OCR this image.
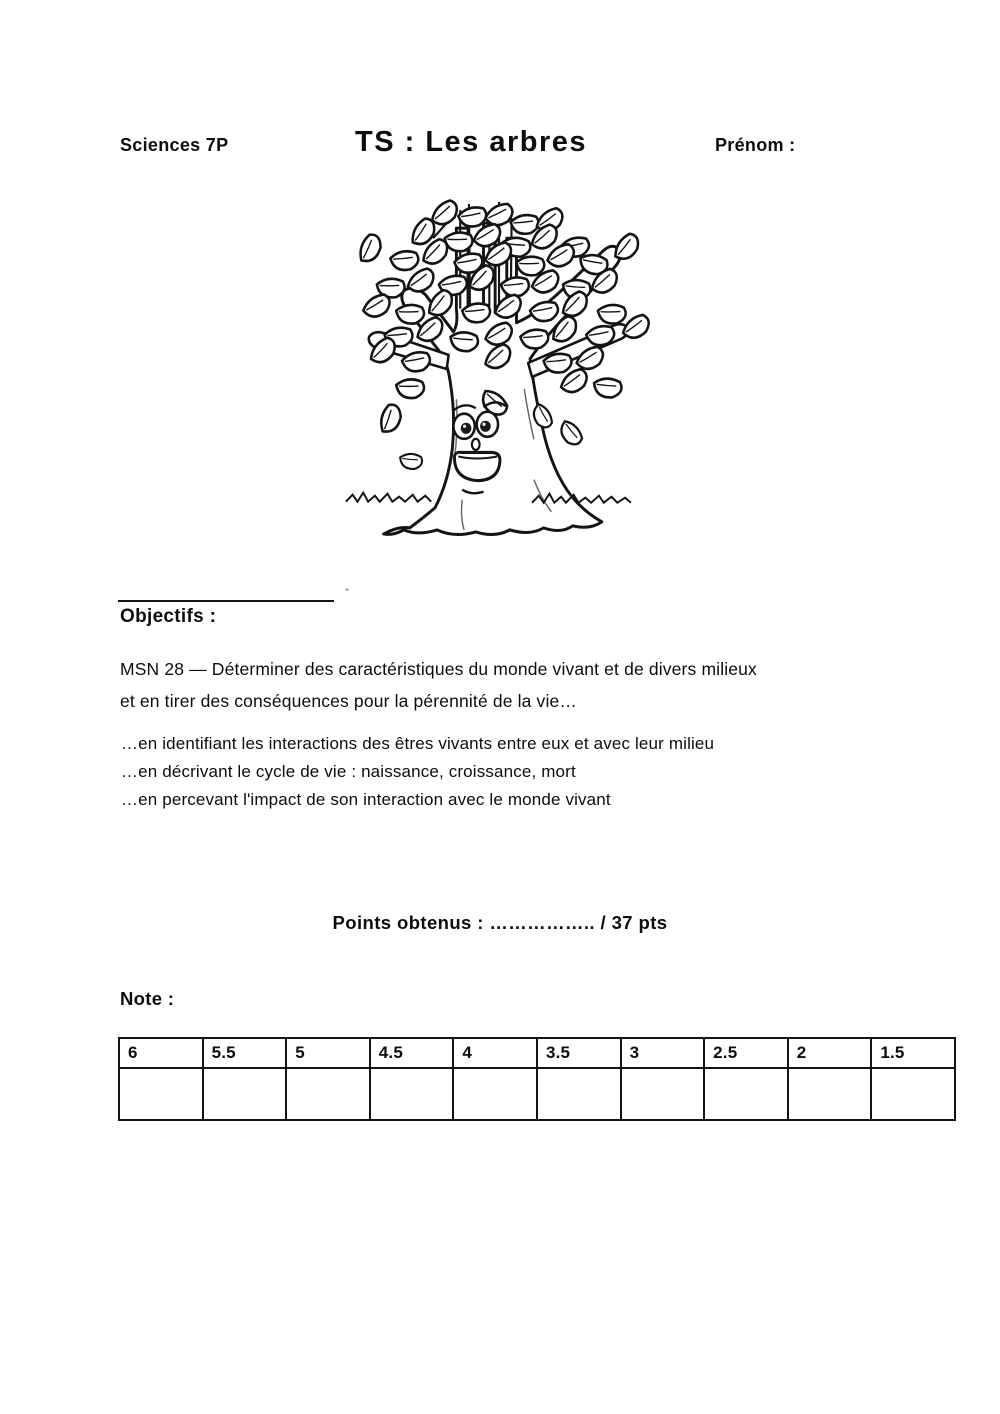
Sciences 7P	TS : Les arbres	Prénom :
Objectifs :
MSN 28 — Déterminer des caractéristiques du monde vivant et de divers milieux
et en tirer des conséquences pour la pérennité de la vie…
…en identifiant les interactions des êtres vivants entre eux et avec leur milieu
…en décrivant le cycle de vie : naissance, croissance, mort
…en percevant l'impact de son interaction avec le monde vivant
Points obtenus : …………….. / 37 pts
Note :
6	5.5	5	4.5	4	3.5	3	2.5	2	1.5
